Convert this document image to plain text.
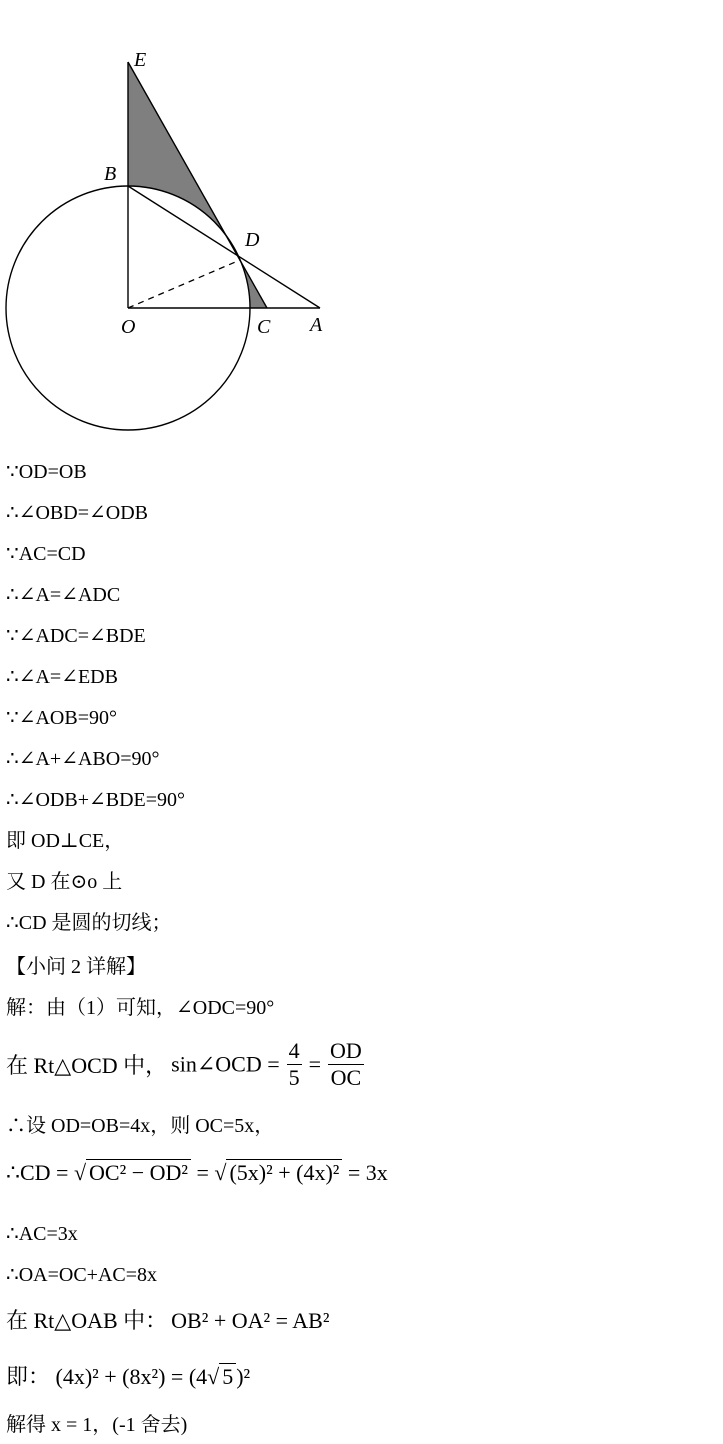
E
B
D
O	C A
∵OD=OB
∴∠OBD=∠ODB
∵AC=CD
∴∠A=∠ADC
∵∠ADC=∠BDE
∴∠A=∠EDB
∵∠AOB=90°
∴∠A+∠ABO=90°
∴∠ODB+∠BDE=90°
即 OD⊥CE，
又 D 在⊙o 上
∴CD 是圆的切线；
【小问 2 详解】
解：由（1）可知，∠ODC=90°
在 Rt△OCD 中， sin∠OCD = $\frac{4}{5} = \frac{OD}{OC}$
∴设 OD=OB=4x，则 OC=5x，
∴CD = √ OC² − OD² = √ (5x)² + (4x)² = 3x
∴AC=3x
∴OA=OC+AC=8x
在 Rt△OAB 中： OB² + OA² = AB²
即： (4x)² + (8x²) = (4√ 5 )²
解得 x = 1，(-1 舍去)
